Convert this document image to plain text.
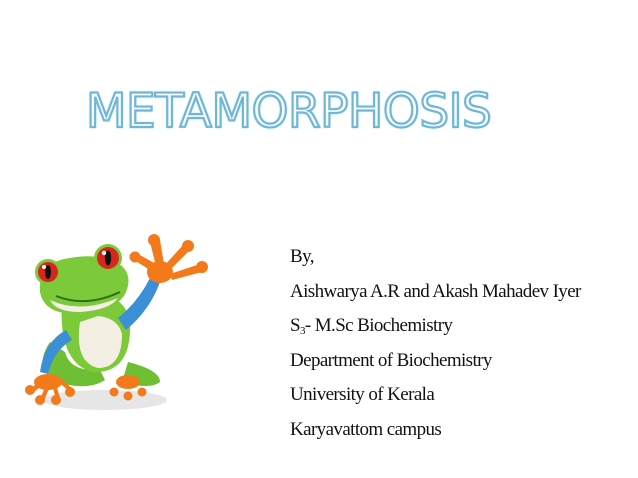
METAMORPHOSIS
By,
Aishwarya A.R and Akash Mahadev Iyer
$S_3-$ M.Sc Biochemistry
Department of Biochemistry
University of Kerala
Karyavattom campus
